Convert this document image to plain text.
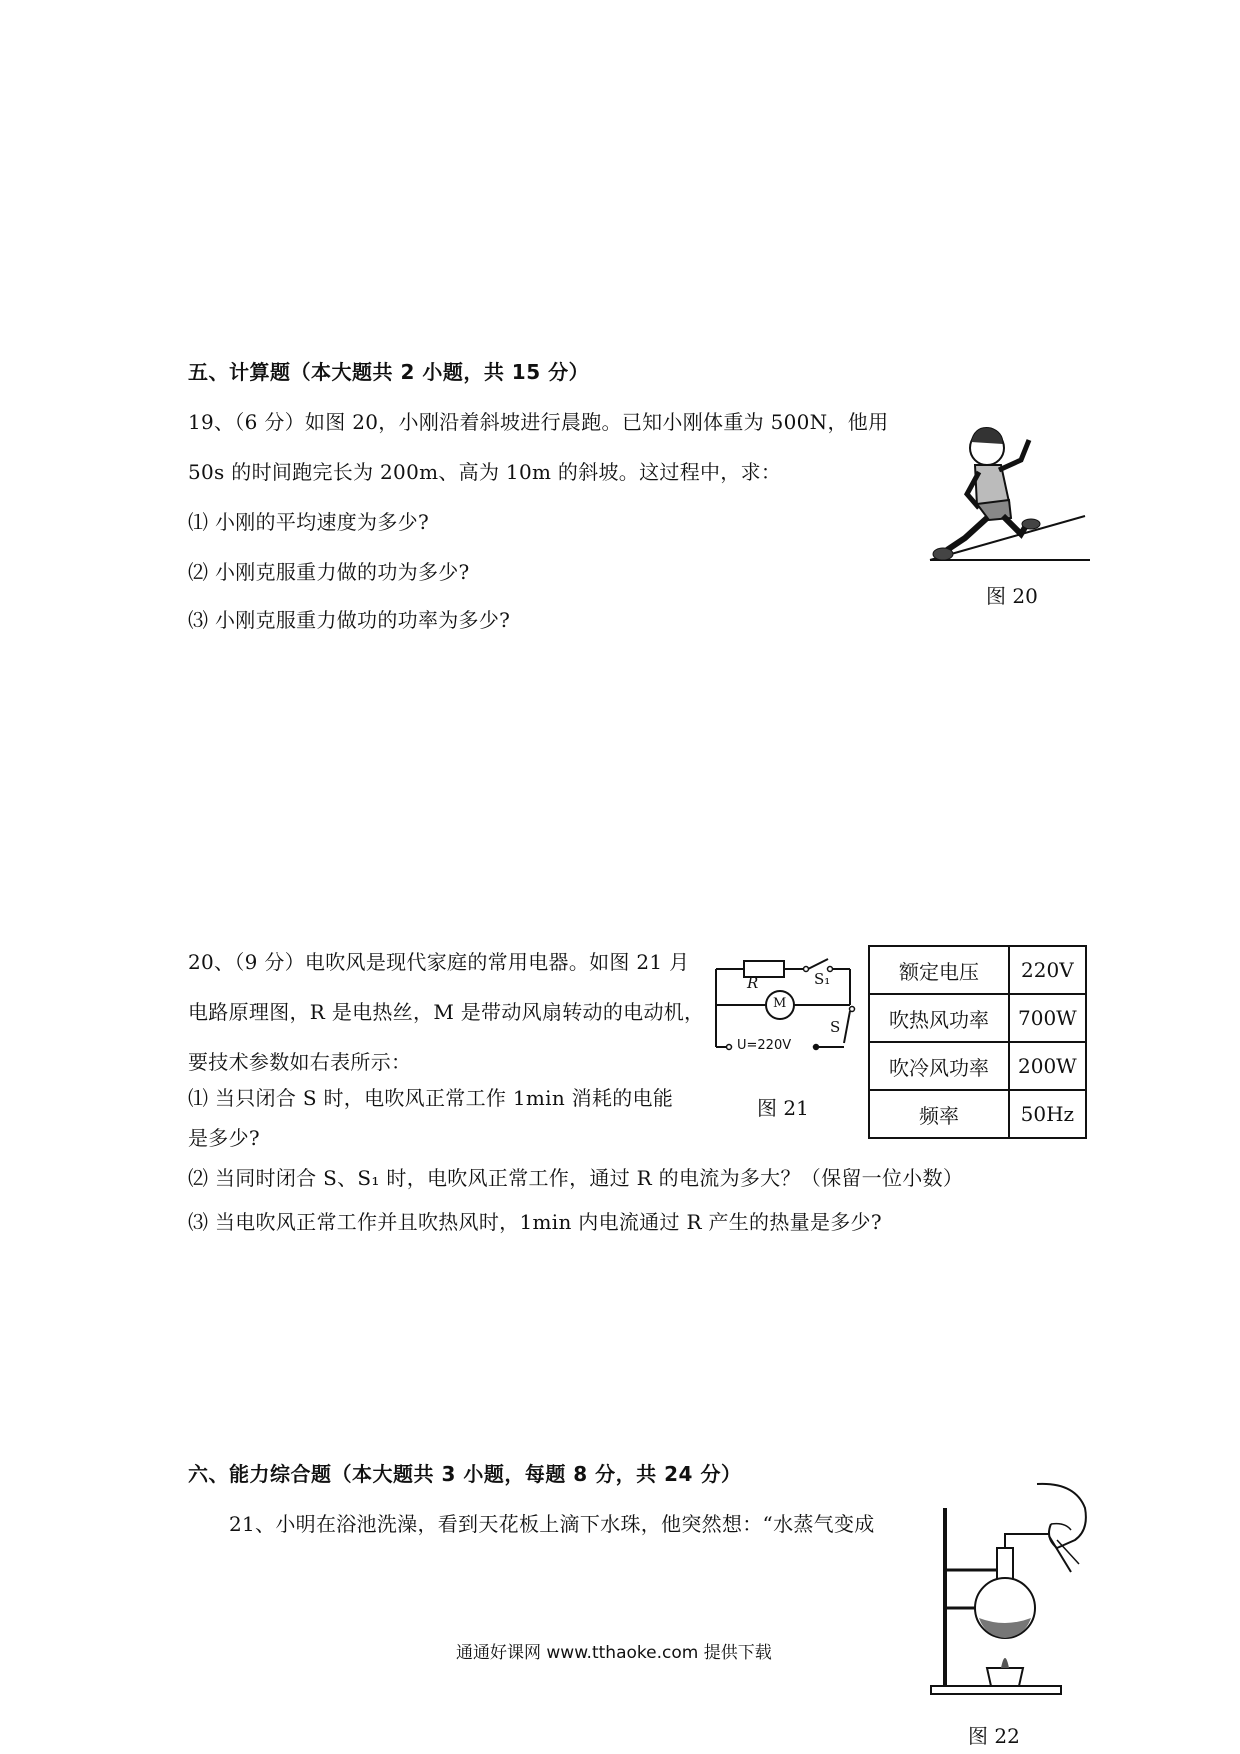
五、计算题（本大题共 2 小题，共 15 分）
19、（6 分）如图 20，小刚沿着斜坡进行晨跑。已知小刚体重为 500N，他用
50s 的时间跑完长为 200m、高为 10m 的斜坡。这过程中，求：
⑴ 小刚的平均速度为多少?
⑵ 小刚克服重力做的功为多少?
⑶ 小刚克服重力做功的功率为多少?
图 20
20、（9 分）电吹风是现代家庭的常用电器。如图 21 月
电路原理图，R 是电热丝，M 是带动风扇转动的电动机，
要技术参数如右表所示：
⑴ 当只闭合 S 时，电吹风正常工作 1min 消耗的电能
是多少?
⑵ 当同时闭合 S、S₁ 时，电吹风正常工作，通过 R 的电流为多大？（保留一位小数）
⑶ 当电吹风正常工作并且吹热风时，1min 内电流通过 R 产生的热量是多少?
R
M
S₁
S
U=220V
图 21
额定电压	220V
吹热风功率	700W
吹冷风功率	200W
频率	50Hz
六、能力综合题（本大题共 3 小题，每题 8 分，共 24 分）
21、小明在浴池洗澡，看到天花板上滴下水珠，他突然想：“水蒸气变成
图 22
通通好课网 www.tthaoke.com 提供下载
